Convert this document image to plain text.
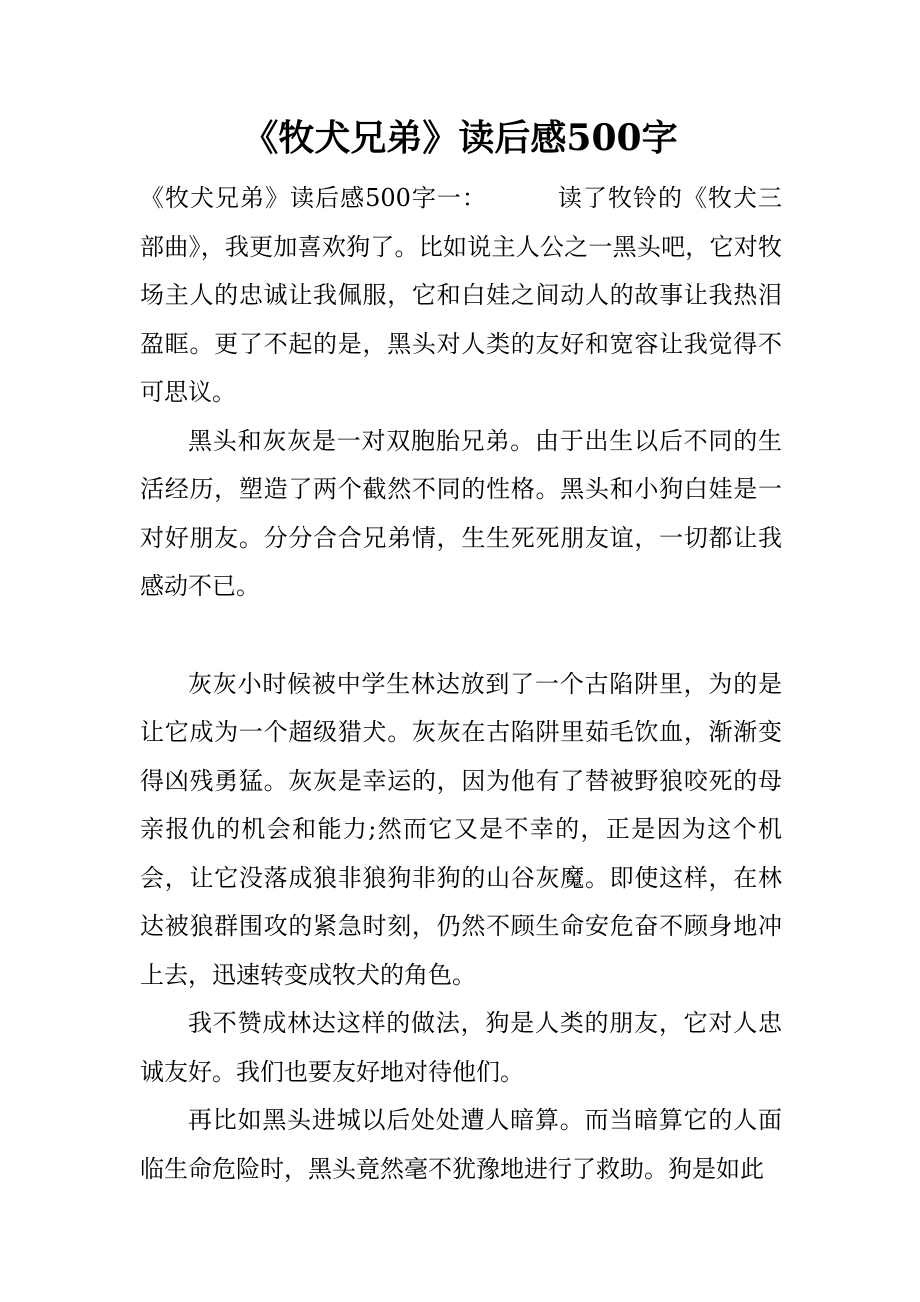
《牧犬兄弟》读后感500字

《牧犬兄弟》读后感500字一：	读了牧铃的《牧犬三部曲》，我更加喜欢狗了。比如说主人公之一黑头吧，它对牧场主人的忠诚让我佩服，它和白娃之间动人的故事让我热泪盈眶。更了不起的是，黑头对人类的友好和宽容让我觉得不可思议。

黑头和灰灰是一对双胞胎兄弟。由于出生以后不同的生活经历，塑造了两个截然不同的性格。黑头和小狗白娃是一对好朋友。分分合合兄弟情，生生死死朋友谊，一切都让我感动不已。

灰灰小时候被中学生林达放到了一个古陷阱里，为的是让它成为一个超级猎犬。灰灰在古陷阱里茹毛饮血，渐渐变得凶残勇猛。灰灰是幸运的，因为他有了替被野狼咬死的母亲报仇的机会和能力;然而它又是不幸的，正是因为这个机会，让它没落成狼非狼狗非狗的山谷灰魔。即使这样，在林达被狼群围攻的紧急时刻，仍然不顾生命安危奋不顾身地冲上去，迅速转变成牧犬的角色。

我不赞成林达这样的做法，狗是人类的朋友，它对人忠诚友好。我们也要友好地对待他们。

再比如黑头进城以后处处遭人暗算。而当暗算它的人面临生命危险时，黑头竟然毫不犹豫地进行了救助。狗是如此
